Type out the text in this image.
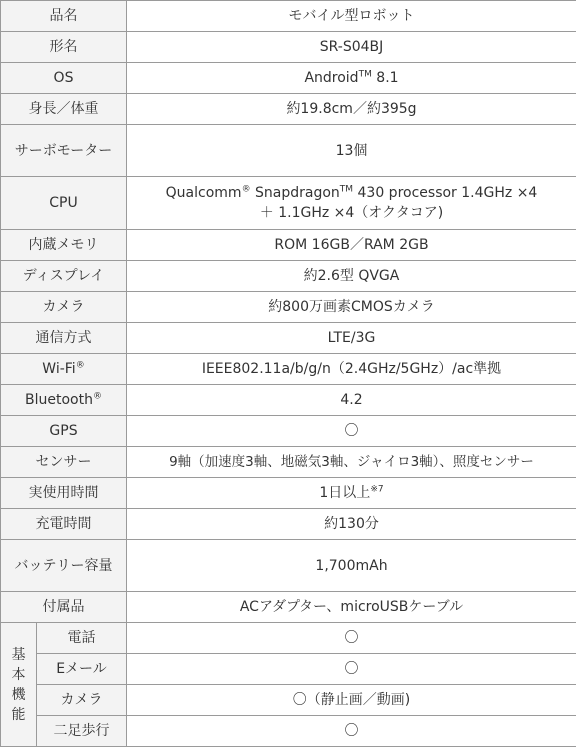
品名		モバイル型ロボット
形名		SR-S04BJ
OS		Android™ 8.1
身長／体重		約19.8cm／約395g
サーボモーター		13個
CPU		Qualcomm® Snapdragon™ 430 processor 1.4GHz ×4
＋ 1.1GHz ×4（オクタコア)
内蔵メモリ		ROM 16GB／RAM 2GB
ディスプレイ		約2.6型 QVGA
カメラ		約800万画素CMOSカメラ
通信方式		LTE/3G
Wi-Fi®		IEEE802.11a/b/g/n（2.4GHz/5GHz）/ac準拠
Bluetooth®		4.2
GPS		〇
センサー		9軸（加速度3軸、地磁気3軸、ジャイロ3軸）、照度センサー
実使用時間		1日以上$^{※7}$
充電時間		約130分
バッテリー容量		1,700mAh
付属品		ACアダプター、microUSBケーブル

基本機能	電話	〇
	Eメール	〇
	カメラ	〇（静止画／動画)
	二足歩行	〇
